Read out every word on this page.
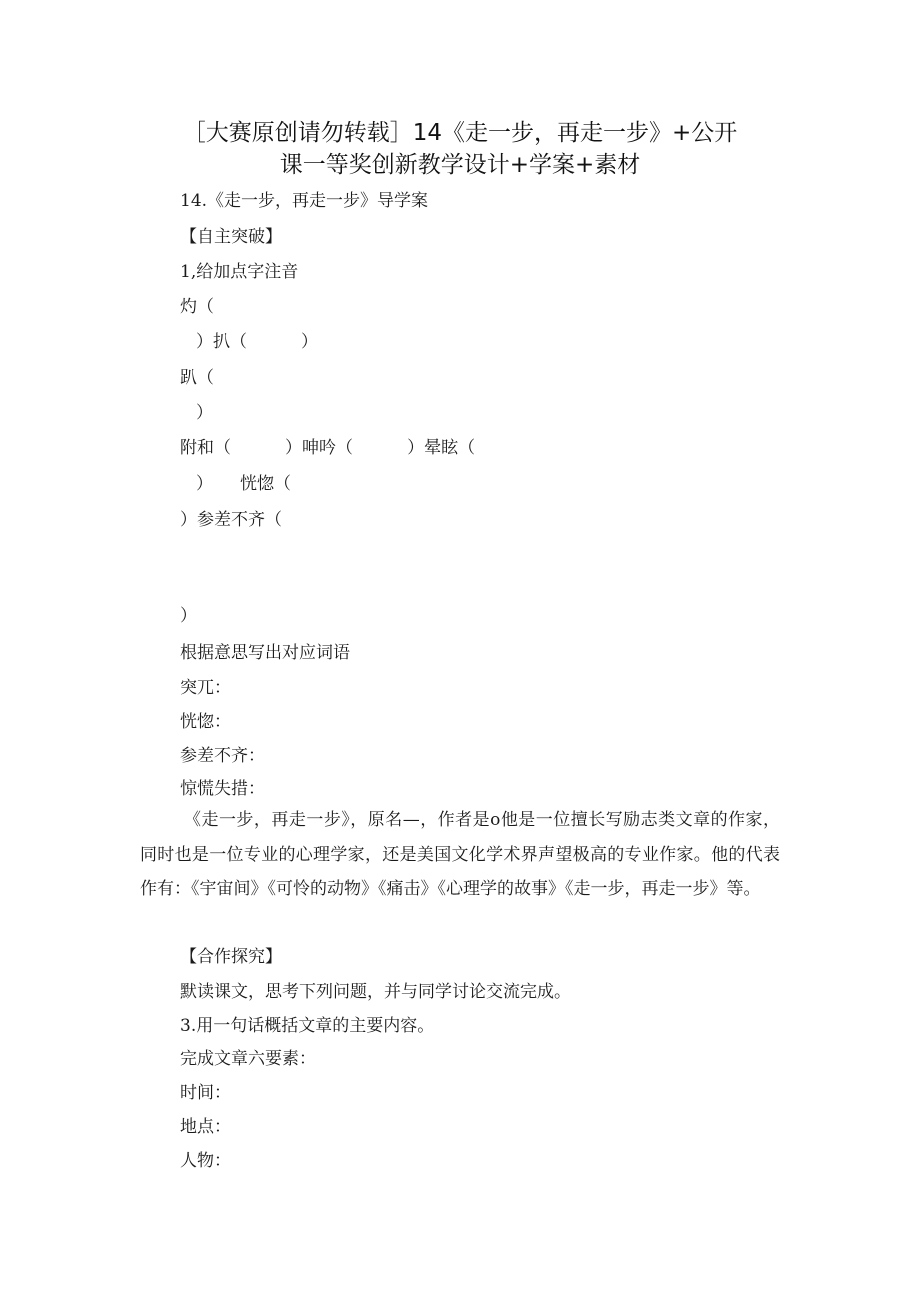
［大赛原创请勿转载］14《走一步，再走一步》+公开
课一等奖创新教学设计+学案+素材

14.《走一步，再走一步》导学案

【自主突破】

1,给加点字注音

灼（

）扒（          ）

趴（

）

附和（          ）呻吟（          ）晕眩（

）     恍惚（

）参差不齐（

）

根据意思写出对应词语

突兀：

恍惚：

参差不齐：

惊慌失措：

《走一步，再走一步》，原名—，作者是o他是一位擅长写励志类文章的作家，同时也是一位专业的心理学家，还是美国文化学术界声望极高的专业作家。他的代表作有：《宇宙间》《可怜的动物》《痛击》《心理学的故事》《走一步，再走一步》等。

【合作探究】

默读课文，思考下列问题，并与同学讨论交流完成。

3.用一句话概括文章的主要内容。

完成文章六要素：

时间：

地点：

人物：
